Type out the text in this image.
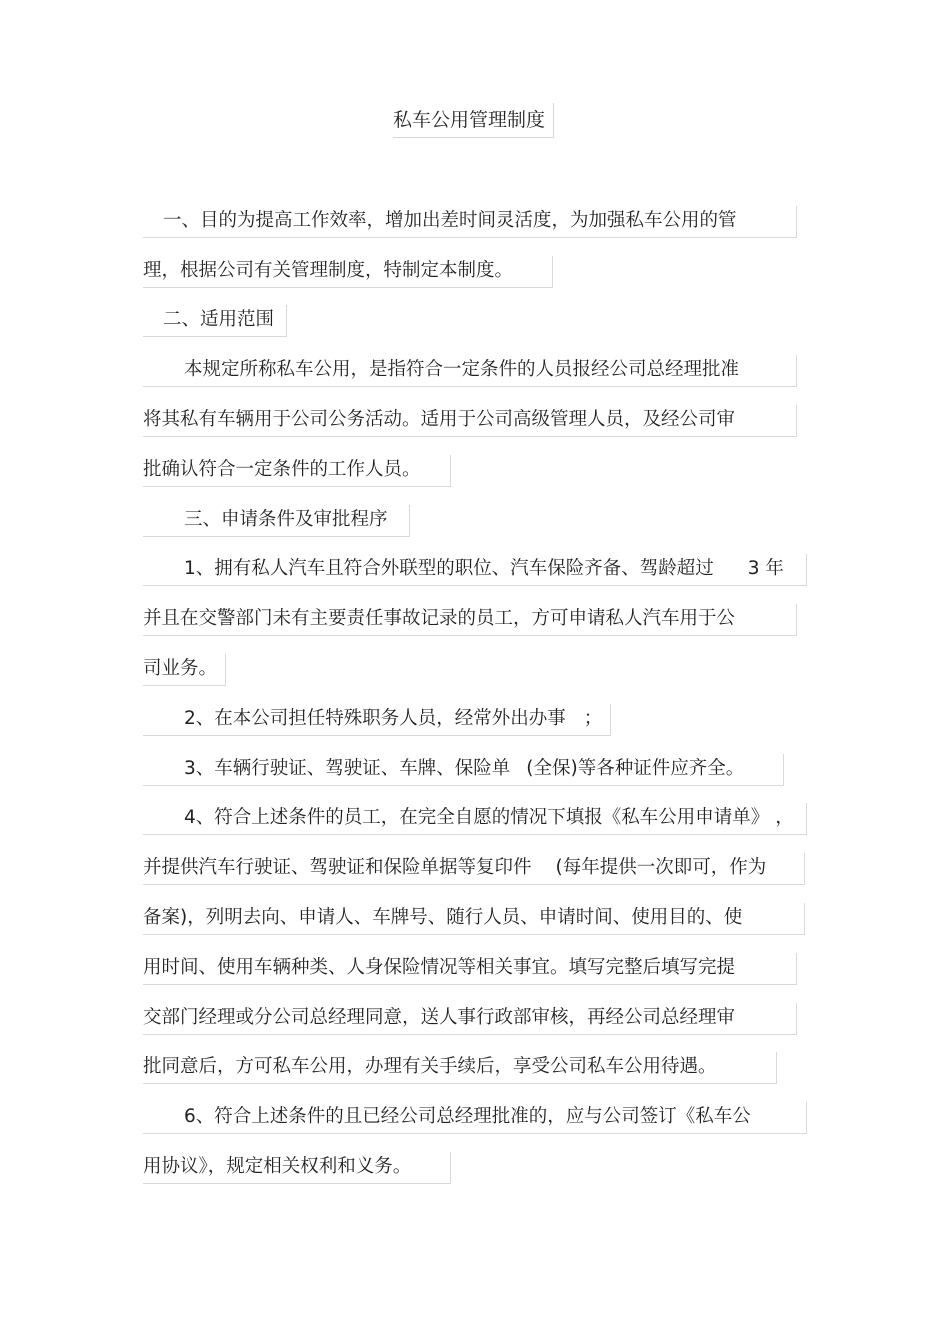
私车公用管理制度
一、目的为提高工作效率，增加出差时间灵活度，为加强私车公用的管
理，根据公司有关管理制度，特制定本制度。
二、适用范围
本规定所称私车公用，是指符合一定条件的人员报经公司总经理批准
将其私有车辆用于公司公务活动。适用于公司高级管理人员，及经公司审
批确认符合一定条件的工作人员。
三、申请条件及审批程序
1、拥有私人汽车且符合外联型的职位、汽车保险齐备、驾龄超过 3 年
并且在交警部门未有主要责任事故记录的员工，方可申请私人汽车用于公
司业务。
2、在本公司担任特殊职务人员，经常外出办事 ；
3、车辆行驶证、驾驶证、车牌、保险单 (全保)等各种证件应齐全。
4、符合上述条件的员工，在完全自愿的情况下填报《私车公用申请单》 ，
并提供汽车行驶证、驾驶证和保险单据等复印件 (每年提供一次即可，作为
备案)，列明去向、申请人、车牌号、随行人员、申请时间、使用目的、使
用时间、使用车辆种类、人身保险情况等相关事宜。填写完整后填写完提
交部门经理或分公司总经理同意，送人事行政部审核，再经公司总经理审
批同意后，方可私车公用，办理有关手续后，享受公司私车公用待遇。
6、符合上述条件的且已经公司总经理批准的，应与公司签订《私车公
用协议》，规定相关权利和义务。
